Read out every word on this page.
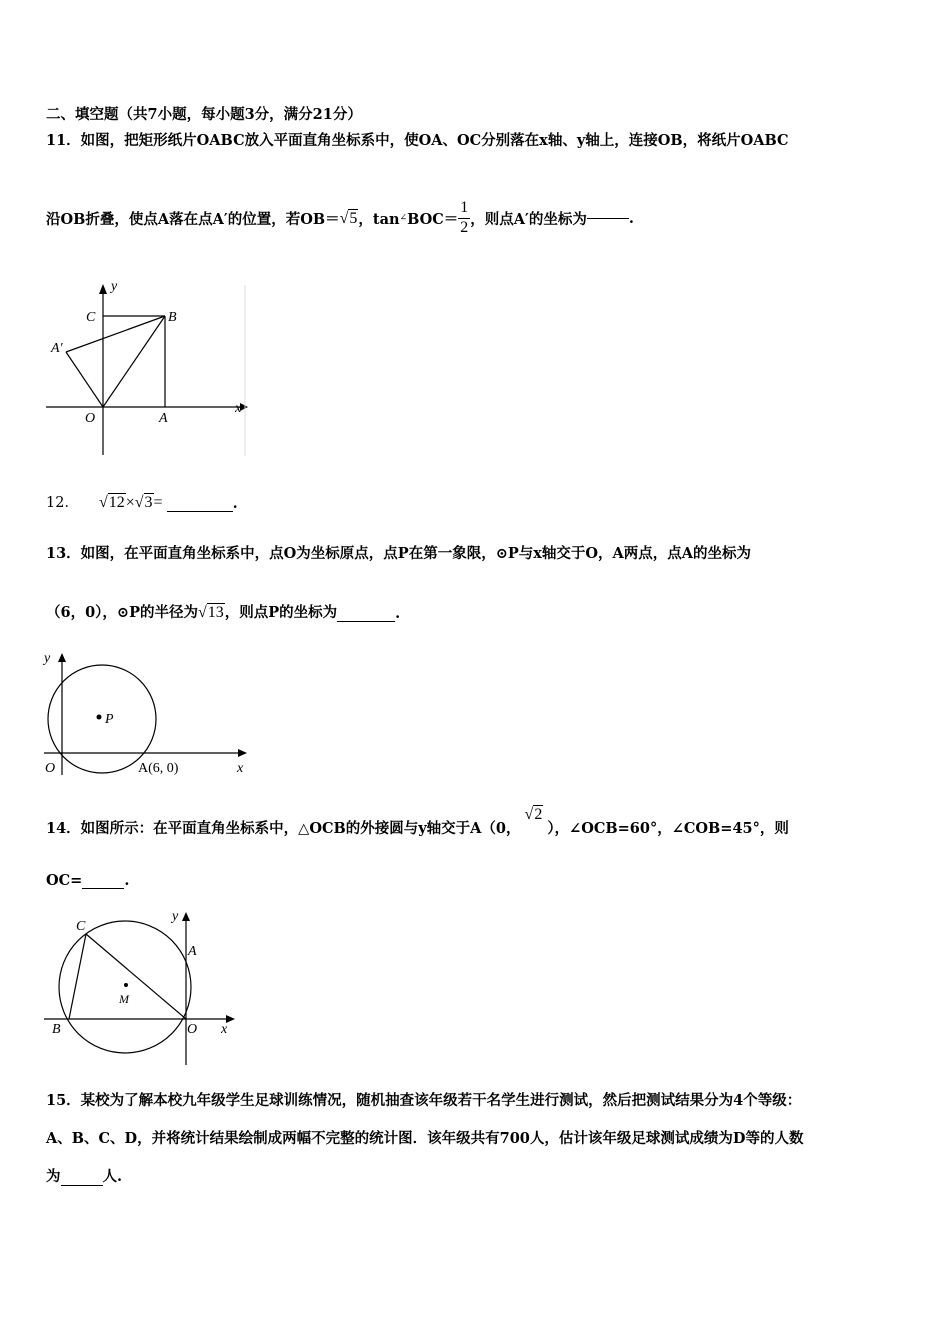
二、填空题（共7小题，每小题3分，满分21分）
11．如图，把矩形纸片OABC放入平面直角坐标系中，使OA、OC分别落在x轴、y轴上，连接OB，将纸片OABC
沿OB折叠，使点A落在点A′的位置，若OB＝ √5 ，tan ∠ $BOC= \frac{1}{2}$ ，则点A′的坐标为	.
y
C	B
A′
O	A
x
12． √12 × √3 =	.
13．如图，在平面直角坐标系中，点O为坐标原点，点P在第一象限，⊙P与x轴交于O，A两点，点A的坐标为
（6，0），⊙P的半径为 √13 ，则点P的坐标为	.
y
P
O	A(6, 0)	x
14．如图所示：在平面直角坐标系中，△OCB的外接圆与y轴交于A（0，
√2
），∠OCB=60°，∠COB=45°，则
OC=	.
C
y
A
M
B	O x
15．某校为了解本校九年级学生足球训练情况，随机抽查该年级若干名学生进行测试，然后把测试结果分为4个等级：
A、B、C、D，并将统计结果绘制成两幅不完整的统计图．该年级共有700人，估计该年级足球测试成绩为D等的人数
为	人.
